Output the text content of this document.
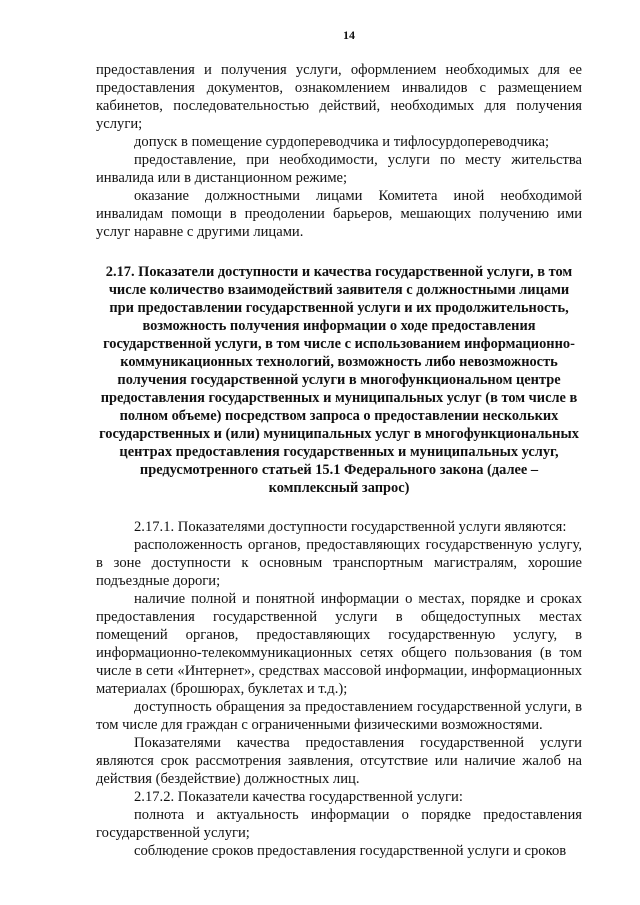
14

предоставления и получения услуги, оформлением необходимых для ее предоставления документов, ознакомлением инвалидов с размещением кабинетов, последовательностью действий, необходимых для получения услуги;

допуск в помещение сурдопереводчика и тифлосурдопереводчика;

предоставление, при необходимости, услуги по месту жительства инвалида или в дистанционном режиме;

оказание должностными лицами Комитета иной необходимой инвалидам помощи в преодолении барьеров, мешающих получению ими услуг наравне с другими лицами.

2.17. Показатели доступности и качества государственной услуги, в том числе количество взаимодействий заявителя с должностными лицами при предоставлении государственной услуги и их продолжительность, возможность получения информации о ходе предоставления государственной услуги, в том числе с использованием информационно-коммуникационных технологий, возможность либо невозможность получения государственной услуги в многофункциональном центре предоставления государственных и муниципальных услуг (в том числе в полном объеме) посредством запроса о предоставлении нескольких государственных и (или) муниципальных услуг в многофункциональных центрах предоставления государственных и муниципальных услуг, предусмотренного статьей 15.1 Федерального закона (далее – комплексный запрос)

2.17.1. Показателями доступности государственной услуги являются:

расположенность органов, предоставляющих государственную услугу, в зоне доступности к основным транспортным магистралям, хорошие подъездные дороги;

наличие полной и понятной информации о местах, порядке и сроках предоставления государственной услуги в общедоступных местах помещений органов, предоставляющих государственную услугу, в информационно-телекоммуникационных сетях общего пользования (в том числе в сети «Интернет», средствах массовой информации, информационных материалах (брошюрах, буклетах и т.д.);

доступность обращения за предоставлением государственной услуги, в том числе для граждан с ограниченными физическими возможностями.

Показателями качества предоставления государственной услуги являются срок рассмотрения заявления, отсутствие или наличие жалоб на действия (бездействие) должностных лиц.

2.17.2. Показатели качества государственной услуги:

полнота и актуальность информации о порядке предоставления государственной услуги;

соблюдение сроков предоставления государственной услуги и сроков
